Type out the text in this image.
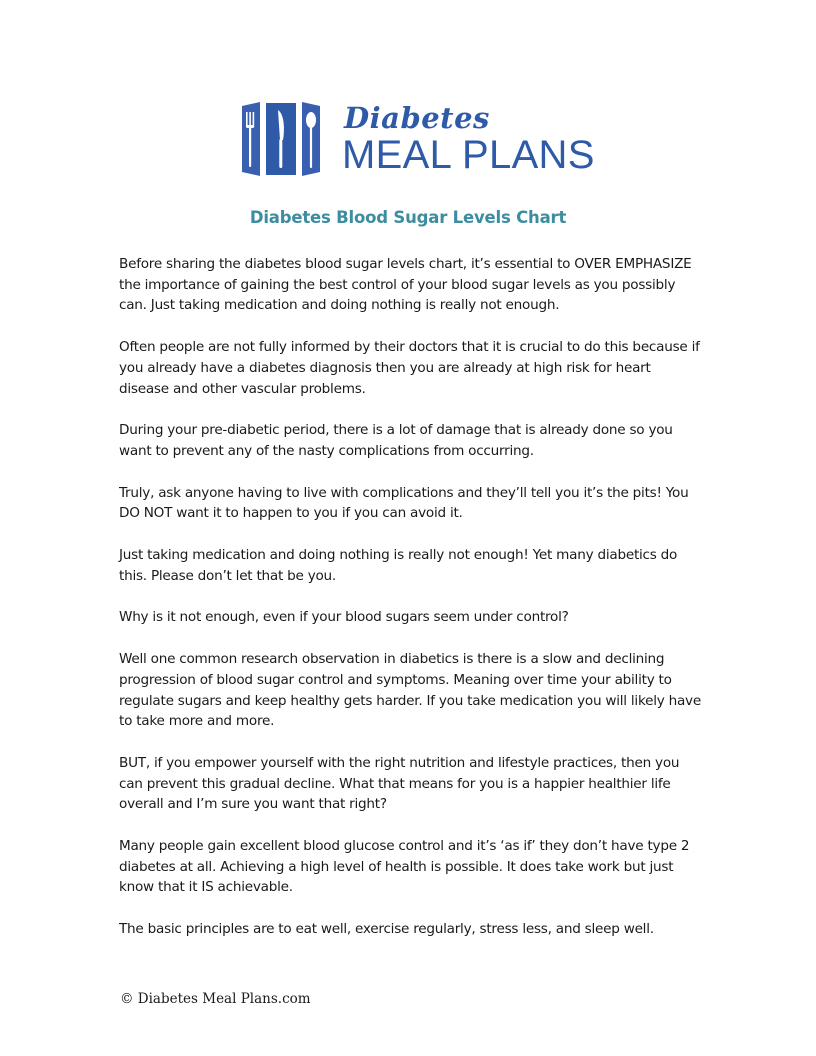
Diabetes
MEAL PLANS
Diabetes Blood Sugar Levels Chart

Before sharing the diabetes blood sugar levels chart, it’s essential to OVER EMPHASIZE the importance of gaining the best control of your blood sugar levels as you possibly can. Just taking medication and doing nothing is really not enough.

Often people are not fully informed by their doctors that it is crucial to do this because if you already have a diabetes diagnosis then you are already at high risk for heart disease and other vascular problems.

During your pre-diabetic period, there is a lot of damage that is already done so you want to prevent any of the nasty complications from occurring.

Truly, ask anyone having to live with complications and they’ll tell you it’s the pits! You DO NOT want it to happen to you if you can avoid it.

Just taking medication and doing nothing is really not enough! Yet many diabetics do this. Please don’t let that be you.

Why is it not enough, even if your blood sugars seem under control?

Well one common research observation in diabetics is there is a slow and declining progression of blood sugar control and symptoms. Meaning over time your ability to regulate sugars and keep healthy gets harder. If you take medication you will likely have to take more and more.

BUT, if you empower yourself with the right nutrition and lifestyle practices, then you can prevent this gradual decline. What that means for you is a happier healthier life overall and I’m sure you want that right?

Many people gain excellent blood glucose control and it’s ‘as if’ they don’t have type 2 diabetes at all. Achieving a high level of health is possible. It does take work but just know that it IS achievable.

The basic principles are to eat well, exercise regularly, stress less, and sleep well.

© Diabetes Meal Plans.com
